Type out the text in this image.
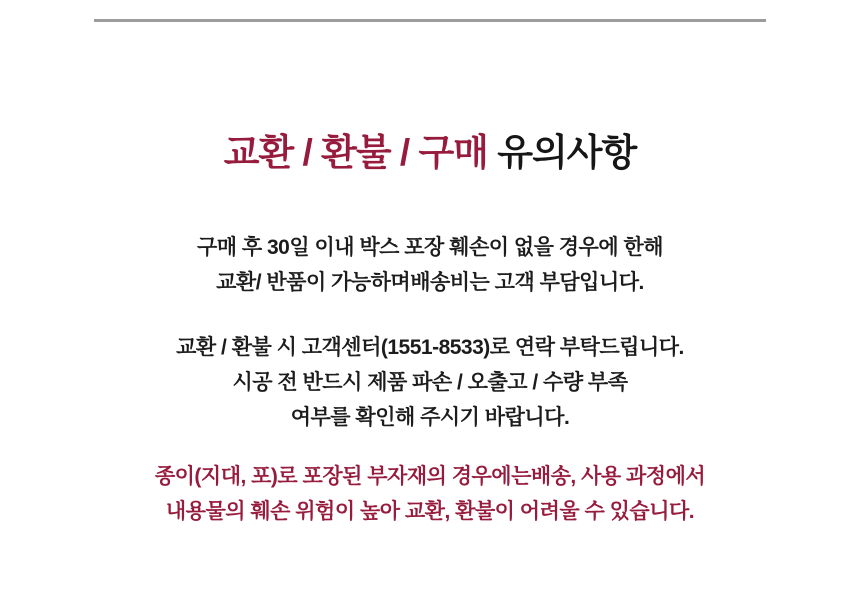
교환 / 환불 / 구매 유의사항

구매 후 30일 이내 박스 포장 훼손이 없을 경우에 한해
교환/ 반품이 가능하며배송비는 고객 부담입니다.

교환 / 환불 시 고객센터(1551-8533)로 연락 부탁드립니다.
시공 전 반드시 제품 파손 / 오출고 / 수량 부족
여부를 확인해 주시기 바랍니다.

종이(지대, 포)로 포장된 부자재의 경우에는배송, 사용 과정에서
내용물의 훼손 위험이 높아 교환, 환불이 어려울 수 있습니다.
